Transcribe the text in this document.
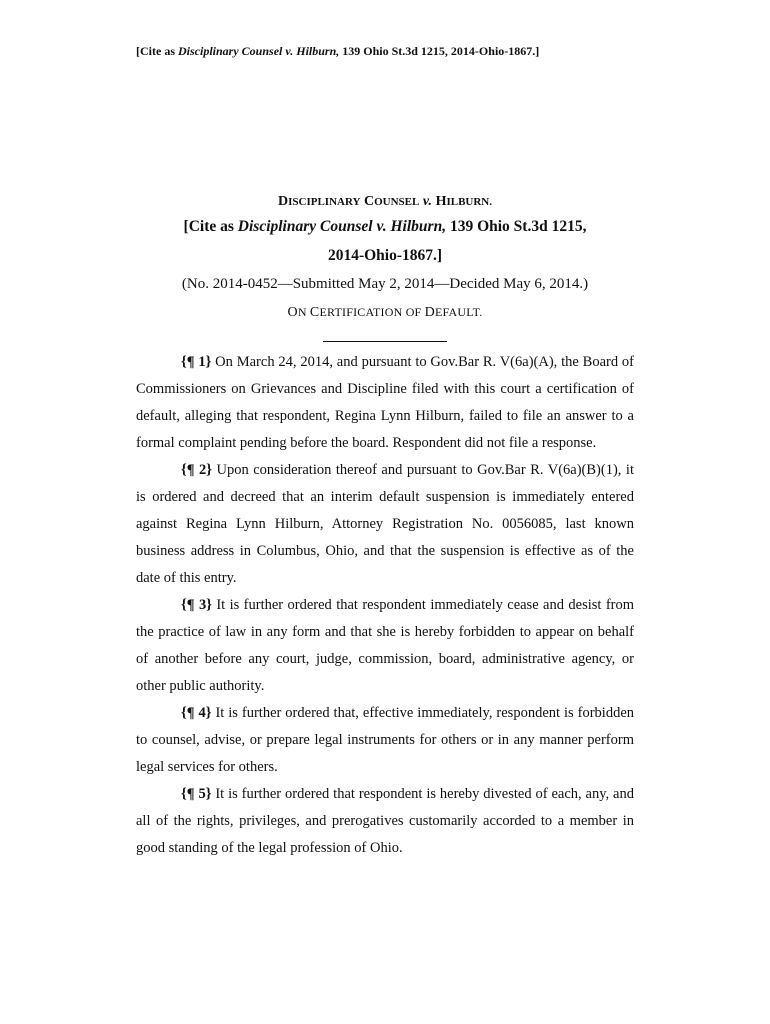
[Cite as Disciplinary Counsel v. Hilburn, 139 Ohio St.3d 1215, 2014-Ohio-1867.]

DISCIPLINARY COUNSEL v. HILBURN.

[Cite as Disciplinary Counsel v. Hilburn, 139 Ohio St.3d 1215,

2014-Ohio-1867.]

(No. 2014-0452—Submitted May 2, 2014—Decided May 6, 2014.)

ON CERTIFICATION OF DEFAULT.

{¶ 1} On March 24, 2014, and pursuant to Gov.Bar R. V(6a)(A), the Board of Commissioners on Grievances and Discipline filed with this court a certification of default, alleging that respondent, Regina Lynn Hilburn, failed to file an answer to a formal complaint pending before the board. Respondent did not file a response.

{¶ 2} Upon consideration thereof and pursuant to Gov.Bar R. V(6a)(B)(1), it is ordered and decreed that an interim default suspension is immediately entered against Regina Lynn Hilburn, Attorney Registration No. 0056085, last known business address in Columbus, Ohio, and that the suspension is effective as of the date of this entry.

{¶ 3} It is further ordered that respondent immediately cease and desist from the practice of law in any form and that she is hereby forbidden to appear on behalf of another before any court, judge, commission, board, administrative agency, or other public authority.

{¶ 4} It is further ordered that, effective immediately, respondent is forbidden to counsel, advise, or prepare legal instruments for others or in any manner perform legal services for others.

{¶ 5} It is further ordered that respondent is hereby divested of each, any, and all of the rights, privileges, and prerogatives customarily accorded to a member in good standing of the legal profession of Ohio.
